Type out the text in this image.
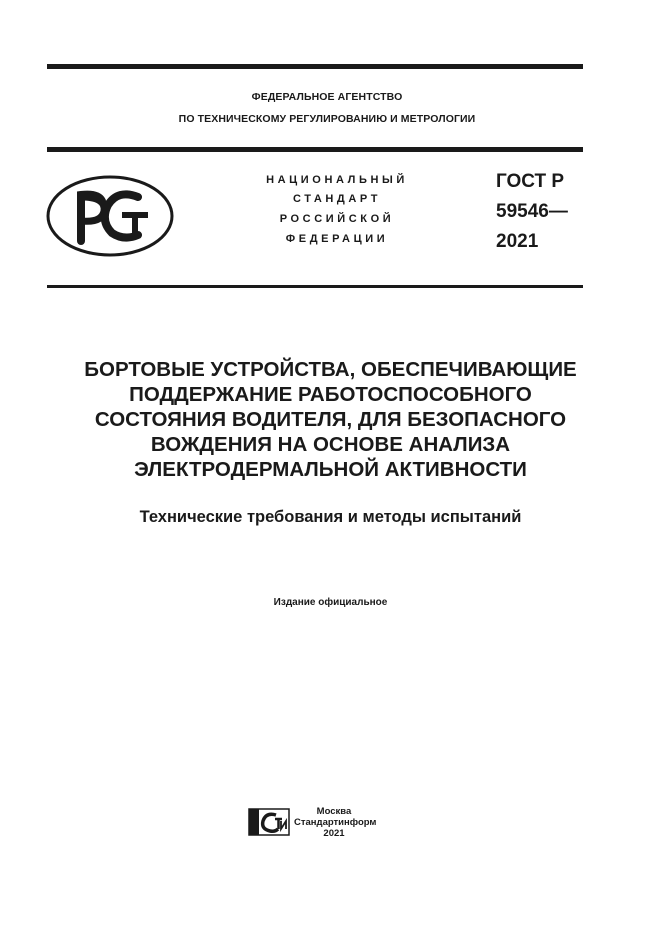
ФЕДЕРАЛЬНОЕ АГЕНТСТВО
ПО ТЕХНИЧЕСКОМУ РЕГУЛИРОВАНИЮ И МЕТРОЛОГИИ
НАЦИОНАЛЬНЫЙ
СТАНДАРТ
РОССИЙСКОЙ
ФЕДЕРАЦИИ
ГОСТ Р
59546—
2021
БОРТОВЫЕ УСТРОЙСТВА, ОБЕСПЕЧИВАЮЩИЕ
ПОДДЕРЖАНИЕ РАБОТОСПОСОБНОГО
СОСТОЯНИЯ ВОДИТЕЛЯ, ДЛЯ БЕЗОПАСНОГО
ВОЖДЕНИЯ НА ОСНОВЕ АНАЛИЗА
ЭЛЕКТРОДЕРМАЛЬНОЙ АКТИВНОСТИ
Технические требования и методы испытаний
Издание официальное
Москва
Стандартинформ
2021
